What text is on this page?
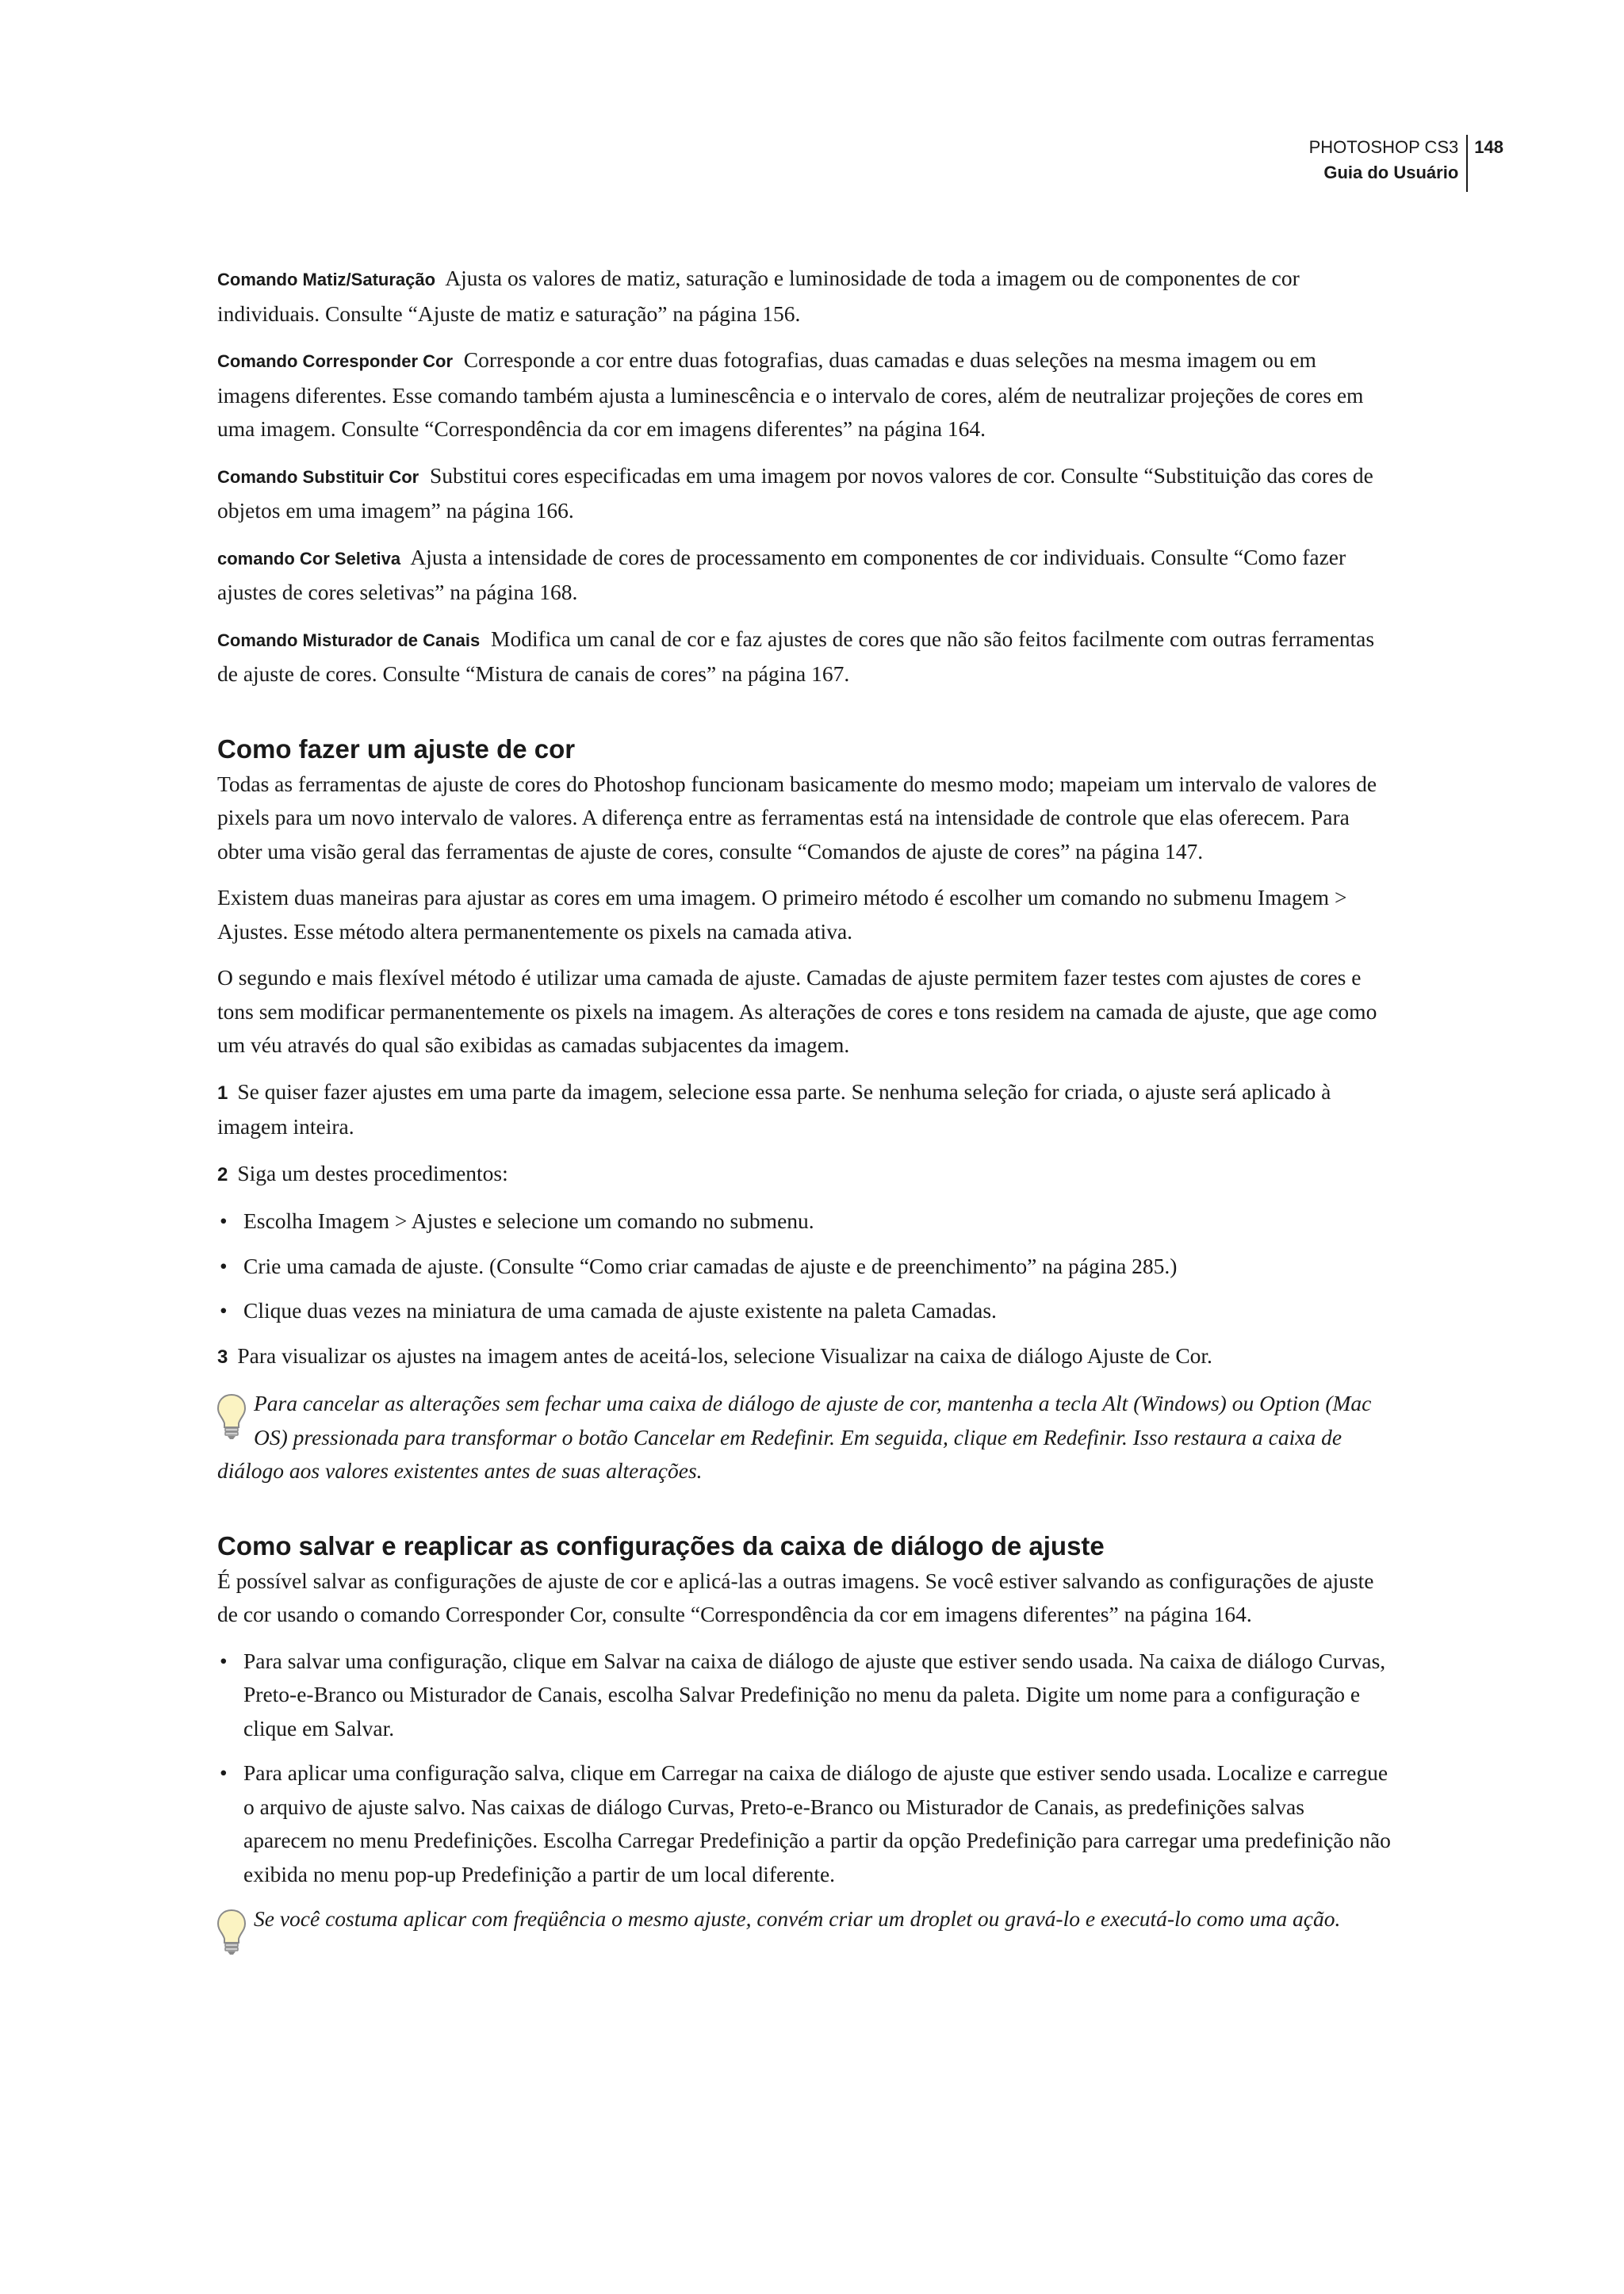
PHOTOSHOP CS3
Guia do Usuário
148

Comando Matiz/Saturação Ajusta os valores de matiz, saturação e luminosidade de toda a imagem ou de componentes de cor individuais. Consulte “Ajuste de matiz e saturação” na página 156.

Comando Corresponder Cor Corresponde a cor entre duas fotografias, duas camadas e duas seleções na mesma imagem ou em imagens diferentes. Esse comando também ajusta a luminescência e o intervalo de cores, além de neutralizar projeções de cores em uma imagem. Consulte “Correspondência da cor em imagens diferentes” na página 164.

Comando Substituir Cor Substitui cores especificadas em uma imagem por novos valores de cor. Consulte “Substituição das cores de objetos em uma imagem” na página 166.

comando Cor Seletiva Ajusta a intensidade de cores de processamento em componentes de cor individuais. Consulte “Como fazer ajustes de cores seletivas” na página 168.

Comando Misturador de Canais Modifica um canal de cor e faz ajustes de cores que não são feitos facilmente com outras ferramentas de ajuste de cores. Consulte “Mistura de canais de cores” na página 167.

Como fazer um ajuste de cor

Todas as ferramentas de ajuste de cores do Photoshop funcionam basicamente do mesmo modo; mapeiam um intervalo de valores de pixels para um novo intervalo de valores. A diferença entre as ferramentas está na intensidade de controle que elas oferecem. Para obter uma visão geral das ferramentas de ajuste de cores, consulte “Comandos de ajuste de cores” na página 147.

Existem duas maneiras para ajustar as cores em uma imagem. O primeiro método é escolher um comando no submenu Imagem > Ajustes. Esse método altera permanentemente os pixels na camada ativa.

O segundo e mais flexível método é utilizar uma camada de ajuste. Camadas de ajuste permitem fazer testes com ajustes de cores e tons sem modificar permanentemente os pixels na imagem. As alterações de cores e tons residem na camada de ajuste, que age como um véu através do qual são exibidas as camadas subjacentes da imagem.

1 Se quiser fazer ajustes em uma parte da imagem, selecione essa parte. Se nenhuma seleção for criada, o ajuste será aplicado à imagem inteira.

2 Siga um destes procedimentos:

• Escolha Imagem > Ajustes e selecione um comando no submenu.
• Crie uma camada de ajuste. (Consulte “Como criar camadas de ajuste e de preenchimento” na página 285.)
• Clique duas vezes na miniatura de uma camada de ajuste existente na paleta Camadas.

3 Para visualizar os ajustes na imagem antes de aceitá-los, selecione Visualizar na caixa de diálogo Ajuste de Cor.

Para cancelar as alterações sem fechar uma caixa de diálogo de ajuste de cor, mantenha a tecla Alt (Windows) ou Option (Mac OS) pressionada para transformar o botão Cancelar em Redefinir. Em seguida, clique em Redefinir. Isso restaura a caixa de diálogo aos valores existentes antes de suas alterações.
Como salvar e reaplicar as configurações da caixa de diálogo de ajuste

É possível salvar as configurações de ajuste de cor e aplicá-las a outras imagens. Se você estiver salvando as configurações de ajuste de cor usando o comando Corresponder Cor, consulte “Correspondência da cor em imagens diferentes” na página 164.

• Para salvar uma configuração, clique em Salvar na caixa de diálogo de ajuste que estiver sendo usada. Na caixa de diálogo Curvas, Preto-e-Branco ou Misturador de Canais, escolha Salvar Predefinição no menu da paleta. Digite um nome para a configuração e clique em Salvar.
• Para aplicar uma configuração salva, clique em Carregar na caixa de diálogo de ajuste que estiver sendo usada. Localize e carregue o arquivo de ajuste salvo. Nas caixas de diálogo Curvas, Preto-e-Branco ou Misturador de Canais, as predefinições salvas aparecem no menu Predefinições. Escolha Carregar Predefinição a partir da opção Predefinição para carregar uma predefinição não exibida no menu pop-up Predefinição a partir de um local diferente.
Se você costuma aplicar com freqüência o mesmo ajuste, convém criar um droplet ou gravá-lo e executá-lo como uma ação.
